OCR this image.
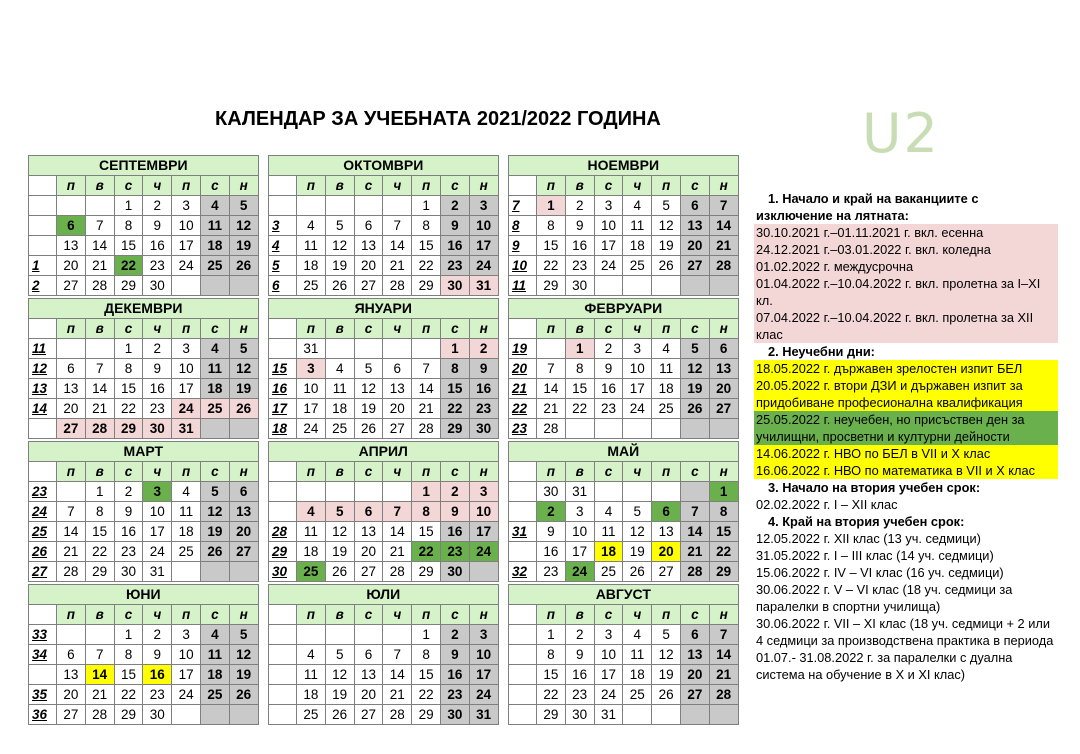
КАЛЕНДАР ЗА УЧЕБНАТА 2021/2022 ГОДИНА	U2
СЕПТЕМВРИ							
	п	в	с	ч	п	с	н
			1	2	3	4	5
	6	7	8	9	10	11	12
	13	14	15	16	17	18	19
1	20	21	22	23	24	25	26
2	27	28	29	30			
ОКТОМВРИ							
	п	в	с	ч	п	с	н
					1	2	3
3	4	5	6	7	8	9	10
4	11	12	13	14	15	16	17
5	18	19	20	21	22	23	24
6	25	26	27	28	29	30	31
НОЕМВРИ							
	п	в	с	ч	п	с	н
7	1	2	3	4	5	6	7
8	8	9	10	11	12	13	14
9	15	16	17	18	19	20	21
10	22	23	24	25	26	27	28
11	29	30					
ДЕКЕМВРИ							
	п	в	с	ч	п	с	н
11			1	2	3	4	5
12	6	7	8	9	10	11	12
13	13	14	15	16	17	18	19
14	20	21	22	23	24	25	26
	27	28	29	30	31		
ЯНУАРИ							
	п	в	с	ч	п	с	н
	31					1	2
15	3	4	5	6	7	8	9
16	10	11	12	13	14	15	16
17	17	18	19	20	21	22	23
18	24	25	26	27	28	29	30
ФЕВРУАРИ							
	п	в	с	ч	п	с	н
19		1	2	3	4	5	6
20	7	8	9	10	11	12	13
21	14	15	16	17	18	19	20
22	21	22	23	24	25	26	27
23	28						
МАРТ							
	п	в	с	ч	п	с	н
23		1	2	3	4	5	6
24	7	8	9	10	11	12	13
25	14	15	16	17	18	19	20
26	21	22	23	24	25	26	27
27	28	29	30	31			
АПРИЛ							
	п	в	с	ч	п	с	н
					1	2	3
	4	5	6	7	8	9	10
28	11	12	13	14	15	16	17
29	18	19	20	21	22	23	24
30	25	26	27	28	29	30	
МАЙ							
	п	в	с	ч	п	с	н
	30	31					1
	2	3	4	5	6	7	8
31	9	10	11	12	13	14	15
	16	17	18	19	20	21	22
32	23	24	25	26	27	28	29
ЮНИ							
	п	в	с	ч	п	с	н
33			1	2	3	4	5
34	6	7	8	9	10	11	12
	13	14	15	16	17	18	19
35	20	21	22	23	24	25	26
36	27	28	29	30			
ЮЛИ							
	п	в	с	ч	п	с	н
					1	2	3
	4	5	6	7	8	9	10
	11	12	13	14	15	16	17
	18	19	20	21	22	23	24
	25	26	27	28	29	30	31
АВГУСТ							
	п	в	с	ч	п	с	н
	1	2	3	4	5	6	7
	8	9	10	11	12	13	14
	15	16	17	18	19	20	21
	22	23	24	25	26	27	28
	29	30	31				
1. Начало и край на ваканциите с
изключение на лятната:
30.10.2021 г.–01.11.2021 г. вкл. есенна
24.12.2021 г.–03.01.2022 г. вкл. коледна
01.02.2022 г. междусрочна
01.04.2022 г.–10.04.2022 г. вкл. пролетна за I–XI кл.
07.04.2022 г.–10.04.2022 г. вкл. пролетна за XII клас
2. Неучебни дни:
18.05.2022 г. държавен зрелостен изпит БЕЛ
20.05.2022 г. втори ДЗИ и държавен изпит за придобиване професионална квалификация
25.05.2022 г. неучебен, но присъствен ден за училищни, просветни и културни дейности
14.06.2022 г. НВО по БЕЛ в VII и X клас
16.06.2022 г. НВО по математика в VII и X клас
3. Начало на втория учебен срок:
02.02.2022 г. I – XII клас
4. Край на втория учебен срок:
12.05.2022 г. XII клас (13 уч. седмици)
31.05.2022 г. I – III клас (14 уч. седмици)
15.06.2022 г. IV – VI клас (16 уч. седмици)
30.06.2022 г. V – VI клас (18 уч. седмици за паралелки в спортни училища)
30.06.2022 г. VII – XI клас (18 уч. седмици + 2 или 4 седмици за производствена практика в периода 01.07.- 31.08.2022 г. за паралелки с дуална система на обучение в X и XI клас)
